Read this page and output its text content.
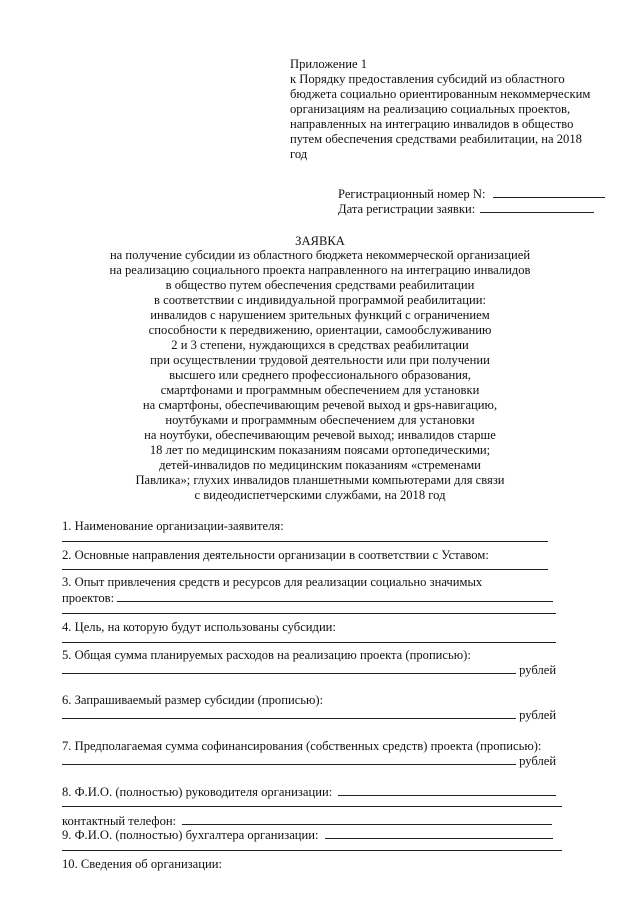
Приложение 1
к Порядку предоставления субсидий из областного
бюджета социально ориентированным некоммерческим
организациям на реализацию социальных проектов,
направленных на интеграцию инвалидов в общество
путем обеспечения средствами реабилитации, на 2018
год
Регистрационный номер N:
Дата регистрации заявки:
ЗАЯВКА
на получение субсидии из областного бюджета некоммерческой организацией
на реализацию социального проекта направленного на интеграцию инвалидов
в общество путем обеспечения средствами реабилитации
в соответствии с индивидуальной программой реабилитации:
инвалидов с нарушением зрительных функций с ограничением
способности к передвижению, ориентации, самообслуживанию
2 и 3 степени, нуждающихся в средствах реабилитации
при осуществлении трудовой деятельности или при получении
высшего или среднего профессионального образования,
смартфонами и программным обеспечением для установки
на смартфоны, обеспечивающим речевой выход и gps-навигацию,
ноутбуками и программным обеспечением для установки
на ноутбуки, обеспечивающим речевой выход; инвалидов старше
18 лет по медицинским показаниям поясами ортопедическими;
детей-инвалидов по медицинским показаниям «стременами
Павлика»; глухих инвалидов планшетными компьютерами для связи
с видеодиспетчерскими службами, на 2018 год
1. Наименование организации-заявителя:
2. Основные направления деятельности организации в соответствии с Уставом:
3. Опыт привлечения средств и ресурсов для реализации социально значимых
проектов:
4. Цель, на которую будут использованы субсидии:
5. Общая сумма планируемых расходов на реализацию проекта (прописью):
рублей
6. Запрашиваемый размер субсидии (прописью):
рублей
7. Предполагаемая сумма софинансирования (собственных средств) проекта (прописью):
рублей
8. Ф.И.О. (полностью) руководителя организации:
контактный телефон:
9. Ф.И.О. (полностью) бухгалтера организации:
10. Сведения об организации:
